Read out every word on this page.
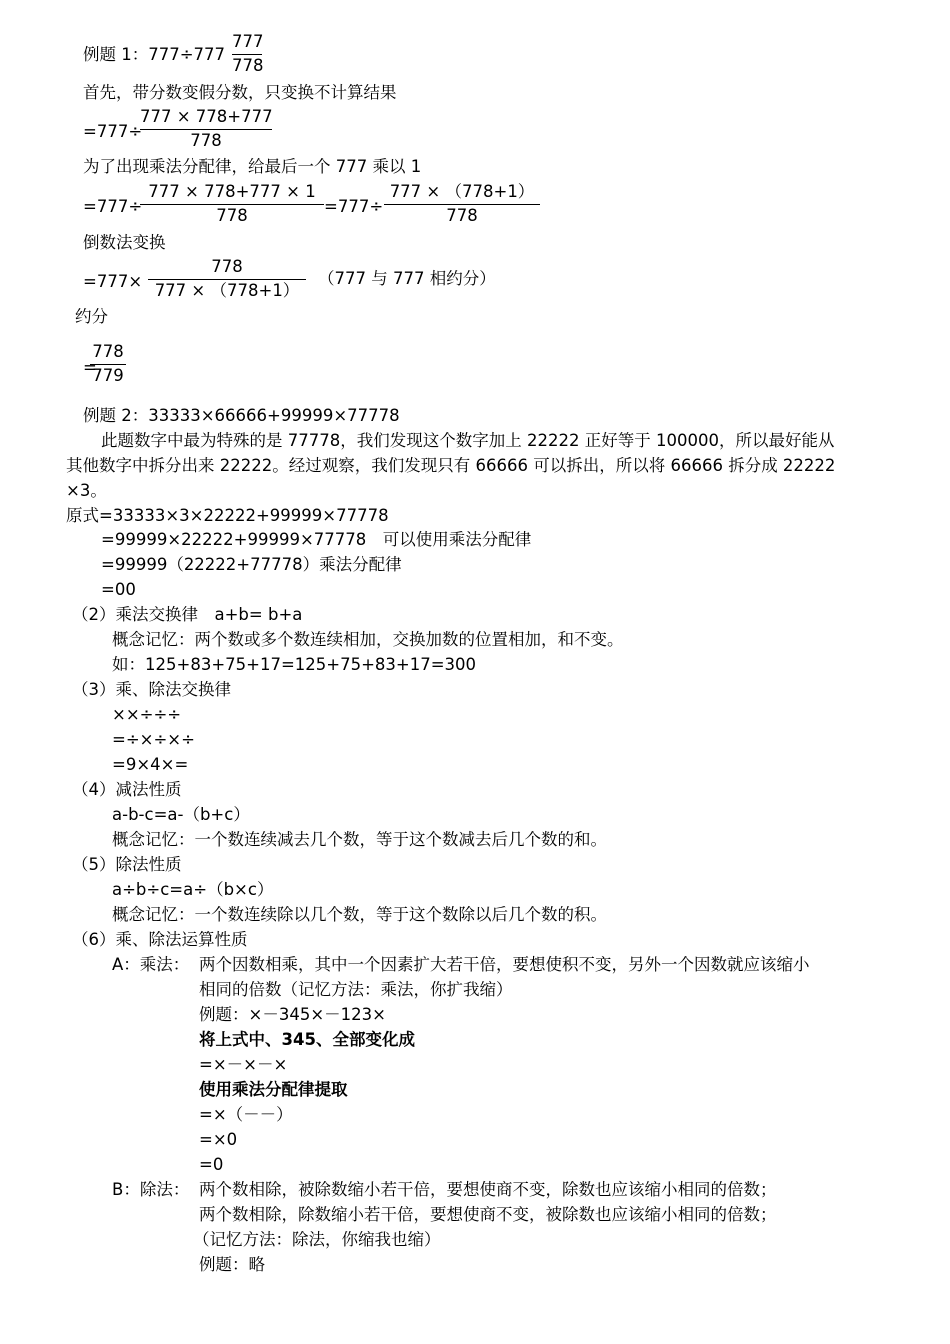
例题 1：777÷777
777
778
首先，带分数变假分数，只变换不计算结果
=777÷
777 × 778+777
778
为了出现乘法分配律，给最后一个 777 乘以 1
=777÷
777 × 778+777 × 1
778	=777÷
777 × （778+1）
778
倒数法变换
=777×
778
777 × （778+1）
（777 与 777 相约分）
约分
=
778
779
例题 2：33333×66666+99999×77778
此题数字中最为特殊的是 77778，我们发现这个数字加上 22222 正好等于 100000，所以最好能从
其他数字中拆分出来 22222。经过观察，我们发现只有 66666 可以拆出，所以将 66666 拆分成 22222
×3。
原式=33333×3×22222+99999×77778
=99999×22222+99999×77778　可以使用乘法分配律
=99999（22222+77778）乘法分配律
=00
（2）乘法交换律　a+b= b+a
概念记忆：两个数或多个数连续相加，交换加数的位置相加，和不变。
如：125+83+75+17=125+75+83+17=300
（3）乘、除法交换律
××÷÷÷
=÷×÷×÷
=9×4×=
（4）减法性质
a-b-c=a-（b+c）
概念记忆：一个数连续减去几个数，等于这个数减去后几个数的和。
（5）除法性质
a÷b÷c=a÷（b×c）
概念记忆：一个数连续除以几个数，等于这个数除以后几个数的积。
（6）乘、除法运算性质
A：乘法： 两个因数相乘，其中一个因素扩大若干倍，要想使积不变，另外一个因数就应该缩小
相同的倍数（记忆方法：乘法，你扩我缩）
例题：×－345×－123×
将上式中、345、全部变化成
=×－×－×
使用乘法分配律提取
=×（－－）
=×0
=0
B：除法： 两个数相除，被除数缩小若干倍，要想使商不变，除数也应该缩小相同的倍数；
两个数相除，除数缩小若干倍，要想使商不变，被除数也应该缩小相同的倍数；
（记忆方法：除法，你缩我也缩）
例题：略
